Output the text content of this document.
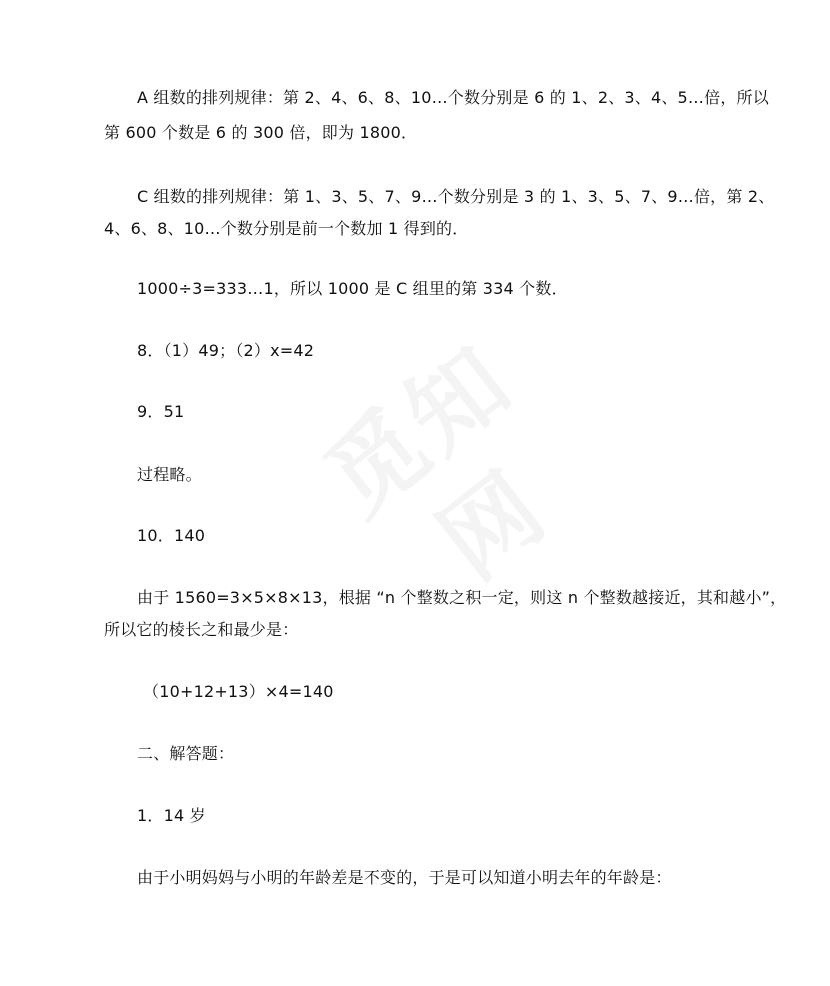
觅知网
A 组数的排列规律：第 2、4、6、8、10…个数分别是 6 的 1、2、3、4、5…倍，所以
第 600 个数是 6 的 300 倍，即为 1800．
C 组数的排列规律：第 1、3、5、7、9…个数分别是 3 的 1、3、5、7、9…倍，第 2、
4、6、8、10…个数分别是前一个数加 1 得到的．
1000÷3=333…1，所以 1000 是 C 组里的第 334 个数．
8．（1）49；（2）x=42
9．51
过程略。
10．140
由于 1560=3×5×8×13，根据 “n 个整数之积一定，则这 n 个整数越接近，其和越小”，
所以它的棱长之和最少是：
（10+12+13）×4=140
二、解答题：
1．14 岁
由于小明妈妈与小明的年龄差是不变的，于是可以知道小明去年的年龄是：
